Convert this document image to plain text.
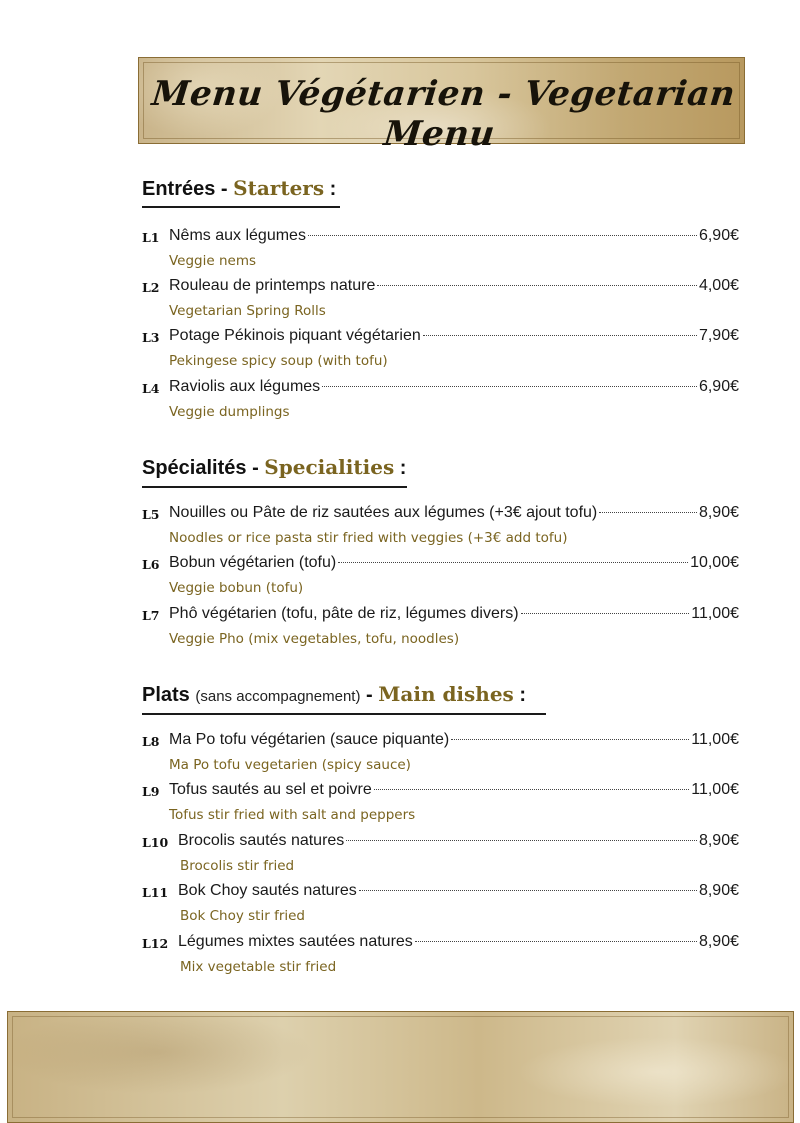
Menu Végétarien - Vegetarian Menu
Entrées - Starters :
L1 Nêms aux légumes	6,90€
Veggie nems
L2 Rouleau de printemps nature	4,00€
Vegetarian Spring Rolls
L3 Potage Pékinois piquant végétarien	7,90€
Pekingese spicy soup (with tofu)
L4 Raviolis aux légumes	6,90€
Veggie dumplings
Spécialités - Specialities :
L5 Nouilles ou Pâte de riz sautées aux légumes (+3€ ajout tofu)	8,90€
Noodles or rice pasta stir fried with veggies (+3€ add tofu)
L6 Bobun végétarien (tofu)	10,00€
Veggie bobun (tofu)
L7 Phô végétarien (tofu, pâte de riz, légumes divers)	11,00€
Veggie Pho (mix vegetables, tofu, noodles)
Plats (sans accompagnement) - Main dishes :
L8 Ma Po tofu végétarien (sauce piquante)	11,00€
Ma Po tofu vegetarien (spicy sauce)
L9 Tofus sautés au sel et poivre	11,00€
Tofus stir fried with salt and peppers
L10 Brocolis sautés natures	8,90€
Brocolis stir fried
L11 Bok Choy sautés natures	8,90€
Bok Choy stir fried
L12 Légumes mixtes sautées natures	8,90€
Mix vegetable stir fried
